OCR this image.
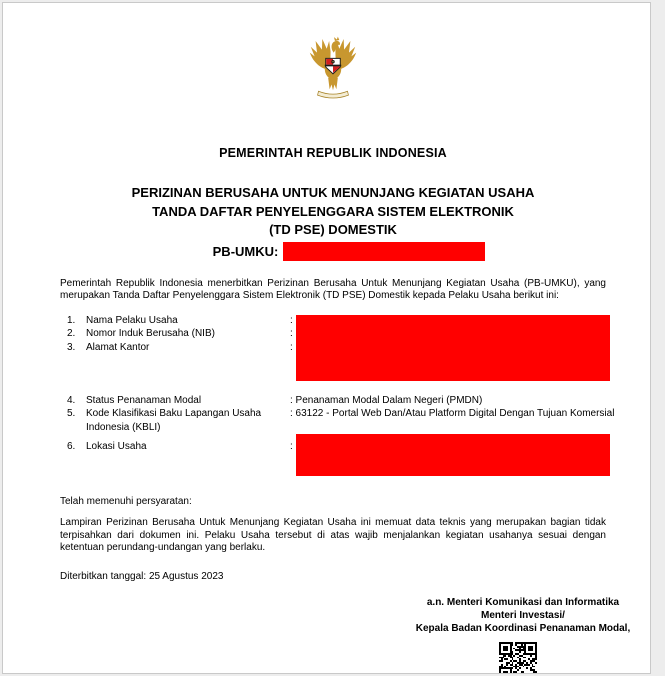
PEMERINTAH REPUBLIK INDONESIA
PERIZINAN BERUSAHA UNTUK MENUNJANG KEGIATAN USAHA
TANDA DAFTAR PENYELENGGARA SISTEM ELEKTRONIK
(TD PSE) DOMESTIK
PB-UMKU:

Pemerintah Republik Indonesia menerbitkan Perizinan Berusaha Untuk Menunjang Kegiatan Usaha (PB-UMKU), yang merupakan Tanda Daftar Penyelenggara Sistem Elektronik (TD PSE) Domestik kepada Pelaku Usaha berikut ini:

1.	Nama Pelaku Usaha	:
2.	Nomor Induk Berusaha (NIB)	:
3.	Alamat Kantor	:
4.	Status Penanaman Modal	: Penanaman Modal Dalam Negeri (PMDN)
5.	Kode Klasifikasi Baku Lapangan Usaha Indonesia (KBLI)
: 63122 - Portal Web Dan/Atau Platform Digital Dengan Tujuan Komersial
6.	Lokasi Usaha	:
Telah memenuhi persyaratan:

Lampiran Perizinan Berusaha Untuk Menunjang Kegiatan Usaha ini memuat data teknis yang merupakan bagian tidak terpisahkan dari dokumen ini. Pelaku Usaha tersebut di atas wajib menjalankan kegiatan usahanya sesuai dengan ketentuan perundang-undangan yang berlaku.

Diterbitkan tanggal: 25 Agustus 2023
a.n. Menteri Komunikasi dan Informatika
Menteri Investasi/
Kepala Badan Koordinasi Penanaman Modal,
